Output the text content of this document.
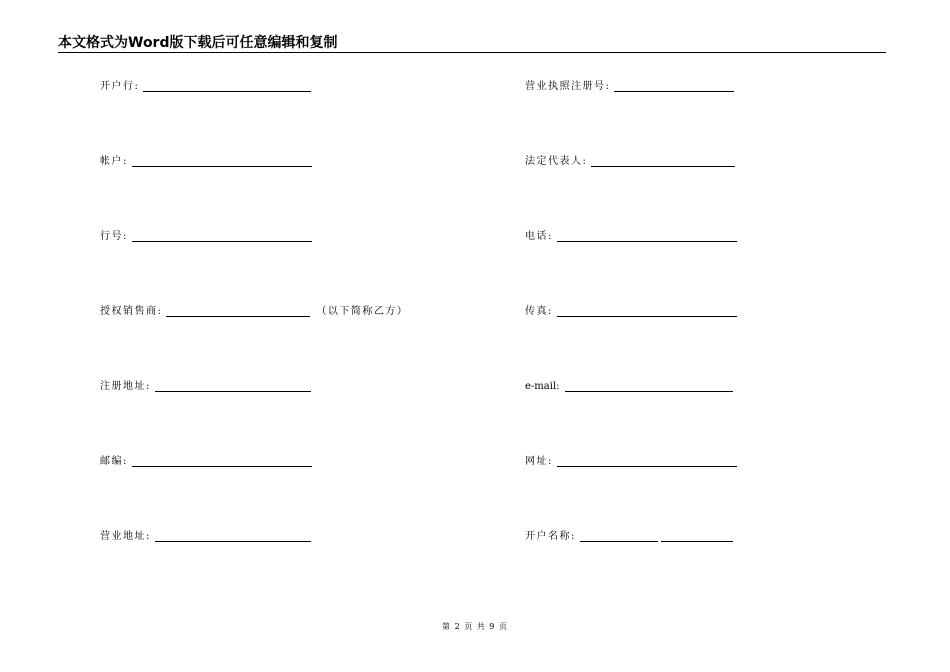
本文格式为Word版下载后可任意编辑和复制
开户行:
帐户:
行号:
授权销售商:	（以下简称乙方）
注册地址:
邮编:
营业地址:
营业执照注册号:
法定代表人:
电话:
传真:
e-mail:
网址:
开户名称:
第 2 页 共 9 页
